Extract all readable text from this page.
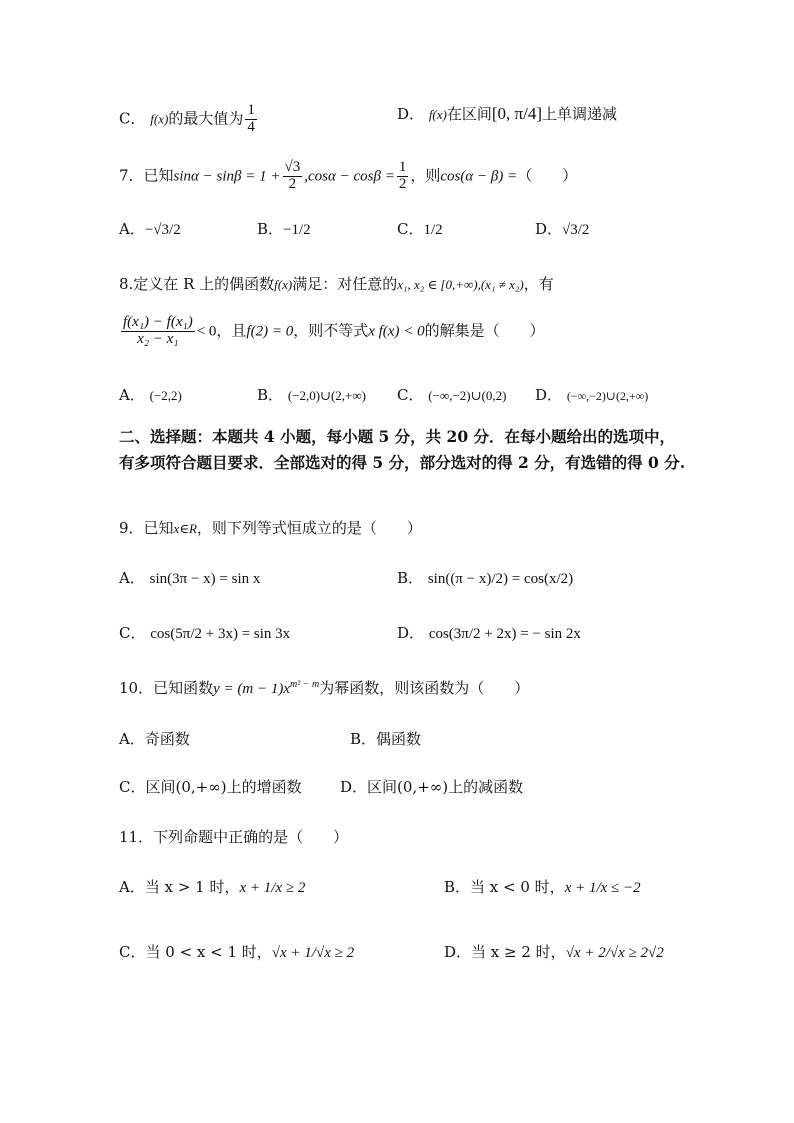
C． f(x)的最大值为 $\frac{1}{4}$	D． f(x)在区间[0, π/4]上单调递减
7．已知$\sin\alpha - \sin\beta = 1 + \frac{√3}{2} ,\cos\alpha - \cos\beta = \frac{1}{2}$ ，则cos(α − β) =（　　）
A．−√3/2	B．−1/2	C．1/2	D．√3/2
8.定义在 R 上的偶函数f(x)满足：对任意的x₁, x₂ ∈ [0,+∞),(x₁ ≠ x₂)，有
$\frac{\text{f(x₁) − f(x₁)}}{\text{x₂ − x₁}} < 0$，且f(2) = 0，则不等式x f(x) < 0的解集是（　　）
A． (−2,2)	B． (−2,0)∪(2,+∞) C． (−∞,−2)∪(0,2) D． (−∞,−2)∪(2,+∞)
二、选择题：本题共 4 小题，每小题 5 分，共 20 分．在每小题给出的选项中，有多项符合题目要求．全部选对的得 5 分，部分选对的得 2 分，有选错的得 0 分.
9．已知x∈R，则下列等式恒成立的是（　　）
A． sin(3π − x) = sin x	B． sin((π − x)/2) = cos(x/2)
C． cos(5π/2 + 3x) = sin 3x	D． cos(3π/2 + 2x) = − sin 2x
10．已知函数$y = (m - 1)x^{m^2 - m}$为幂函数，则该函数为（　　）
A．奇函数	B．偶函数
C．区间(0,+∞)上的增函数	D．区间(0,+∞)上的减函数
11．下列命题中正确的是（　　）
A．当 x > 1 时，x + 1/x ≥ 2	B．当 x < 0 时，x + 1/x ≤ −2
C．当 0 < x < 1 时，√x + 1/√x ≥ 2	D．当 x ≥ 2 时，√x + 2/√x ≥ 2√2
